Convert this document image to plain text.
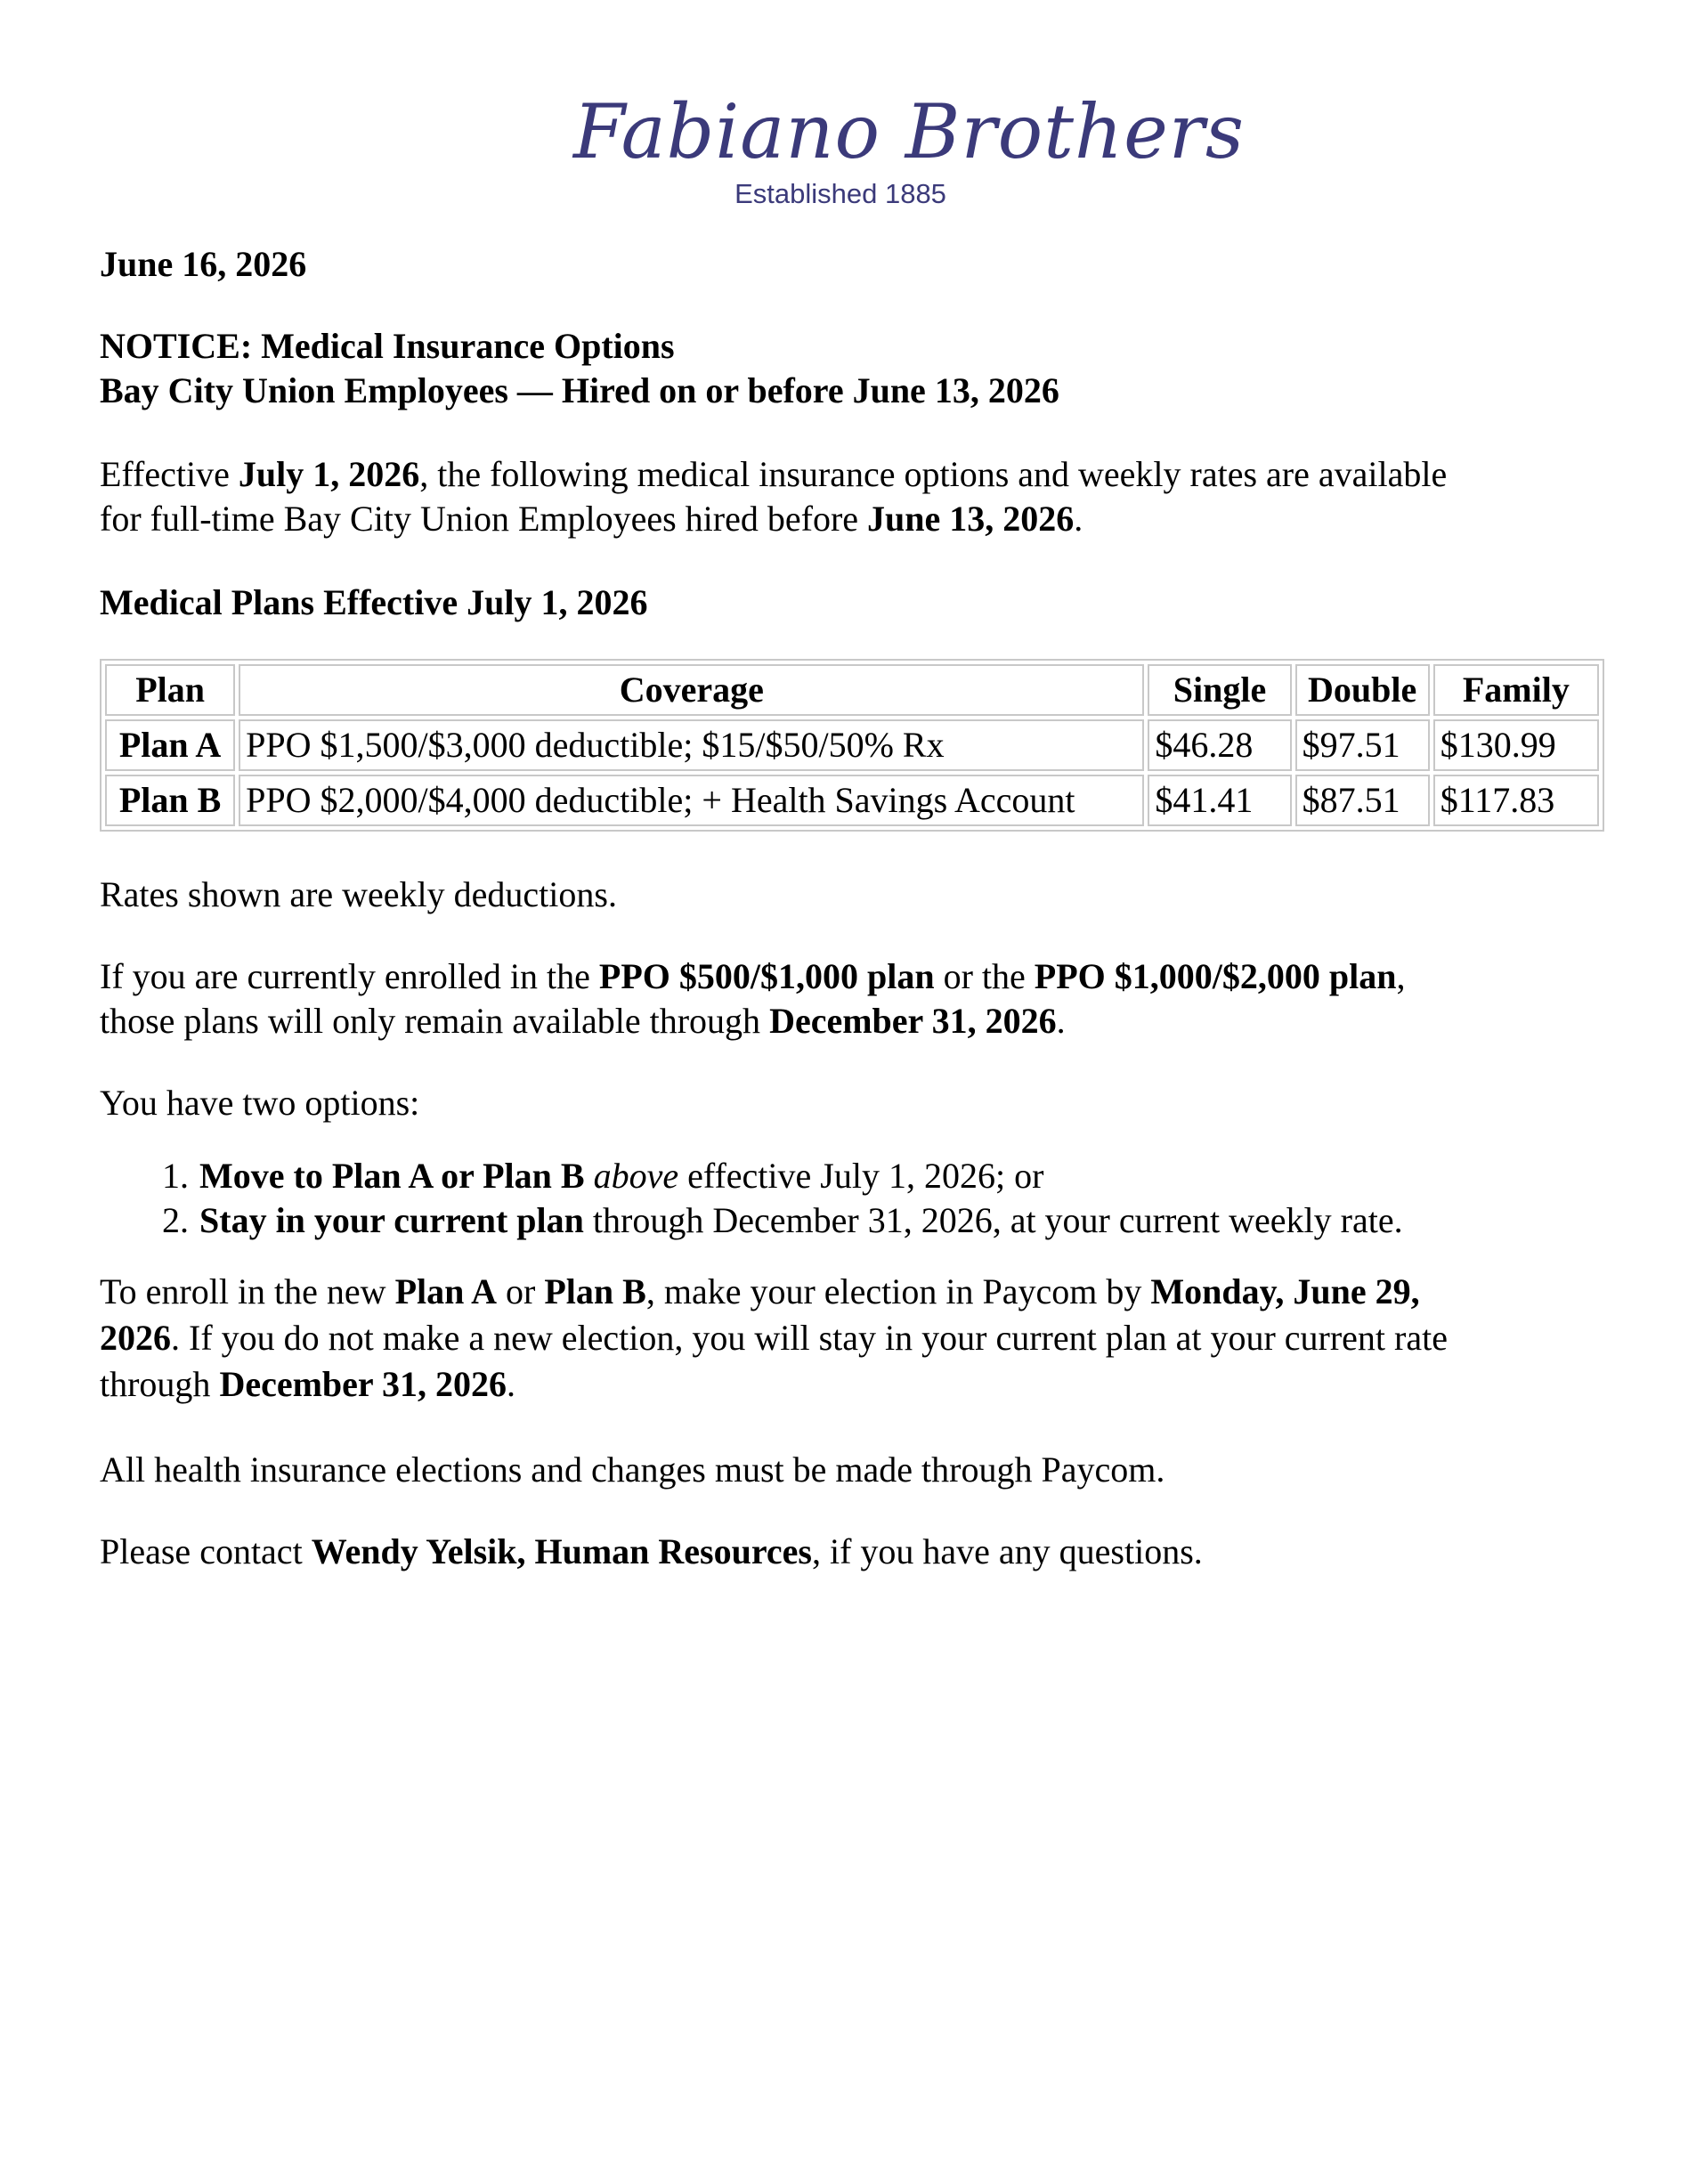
Fabiano Brothers
Established 1885
June 16, 2026
NOTICE: Medical Insurance Options
Bay City Union Employees — Hired on or before June 13, 2026
Effective July 1, 2026, the following medical insurance options and weekly rates are available
for full-time Bay City Union Employees hired before June 13, 2026.
Medical Plans Effective July 1, 2026
Plan	Coverage	Single	Double	Family
Plan A	PPO $1,500/$3,000 deductible; $15/$50/50% Rx	$46.28	$97.51	$130.99
Plan B	PPO $2,000/$4,000 deductible; + Health Savings Account	$41.41	$87.51	$117.83
Rates shown are weekly deductions.
If you are currently enrolled in the PPO $500/$1,000 plan or the PPO $1,000/$2,000 plan,
those plans will only remain available through December 31, 2026.
You have two options:
1. Move to Plan A or Plan B above effective July 1, 2026; or
2. Stay in your current plan through December 31, 2026, at your current weekly rate.
To enroll in the new Plan A or Plan B, make your election in Paycom by Monday, June 29,
2026. If you do not make a new election, you will stay in your current plan at your current rate
through December 31, 2026.
All health insurance elections and changes must be made through Paycom.
Please contact Wendy Yelsik, Human Resources, if you have any questions.
